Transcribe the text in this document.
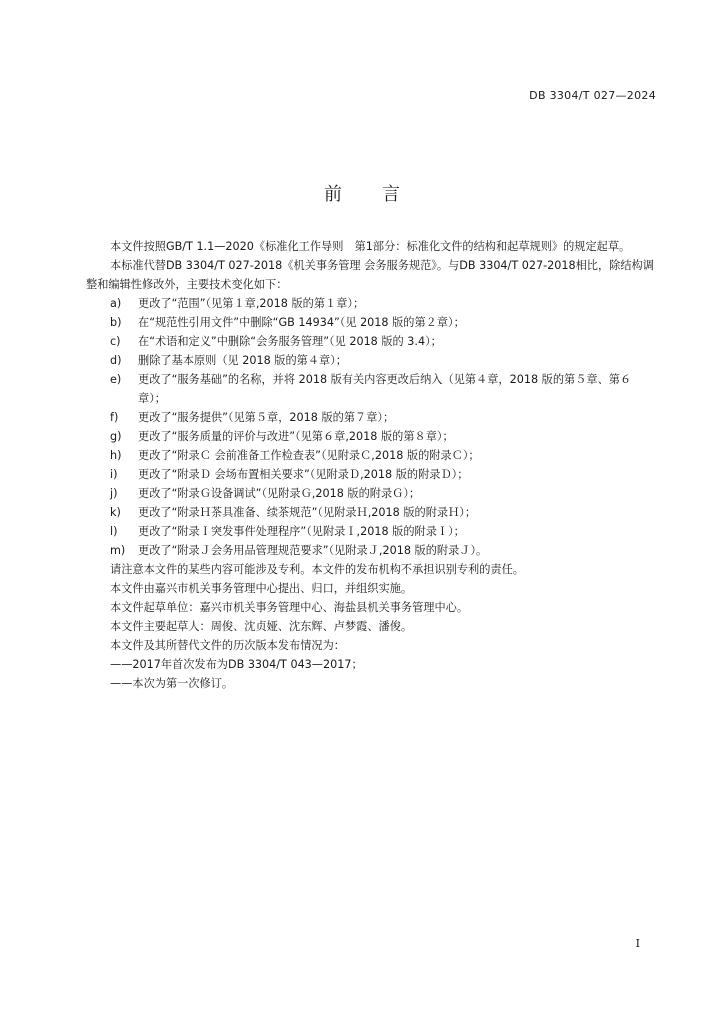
DB 3304/T 027—2024
前言

本文件按照GB/T 1.1—2020《标准化工作导则　第1部分：标准化文件的结构和起草规则》的规定起草。

本标准代替DB 3304/T 027-2018《机关事务管理 会务服务规范》。与DB 3304/T 027-2018相比，除结构调整和编辑性修改外，主要技术变化如下：

a)	更改了“范围”（见第１章,2018 版的第１章）；
b)	在“规范性引用文件”中删除“GB 14934”（见 2018 版的第２章）；
c)	在“术语和定义”中删除“会务服务管理”（见 2018 版的 3.4）；
d)	删除了基本原则（见 2018 版的第４章）；
e)	更改了“服务基础”的名称，并将 2018 版有关内容更改后纳入（见第４章，2018 版的第５章、第６章）；
f)	更改了“服务提供”（见第５章，2018 版的第７章）；
g)	更改了“服务质量的评价与改进”（见第６章,2018 版的第８章）；
h)	更改了“附录Ｃ 会前准备工作检查表”（见附录Ｃ,2018 版的附录Ｃ）；
i)	更改了“附录Ｄ 会场布置相关要求”（见附录Ｄ,2018 版的附录Ｄ）；
j)	更改了“附录Ｇ设备调试”（见附录Ｇ,2018 版的附录Ｇ）；
k)	更改了“附录Ｈ茶具准备、续茶规范”（见附录Ｈ,2018 版的附录Ｈ）；
l)	更改了“附录Ｉ突发事件处理程序”（见附录Ｉ,2018 版的附录Ｉ）；
m)	更改了“附录Ｊ会务用品管理规范要求”（见附录Ｊ,2018 版的附录Ｊ）。

请注意本文件的某些内容可能涉及专利。本文件的发布机构不承担识别专利的责任。

本文件由嘉兴市机关事务管理中心提出、归口，并组织实施。

本文件起草单位：嘉兴市机关事务管理中心、海盐县机关事务管理中心。

本文件主要起草人：周俊、沈贞娅、沈东辉、卢梦霞、潘俊。

本文件及其所替代文件的历次版本发布情况为：

——2017年首次发布为DB 3304/T 043—2017；

——本次为第一次修订。

I
